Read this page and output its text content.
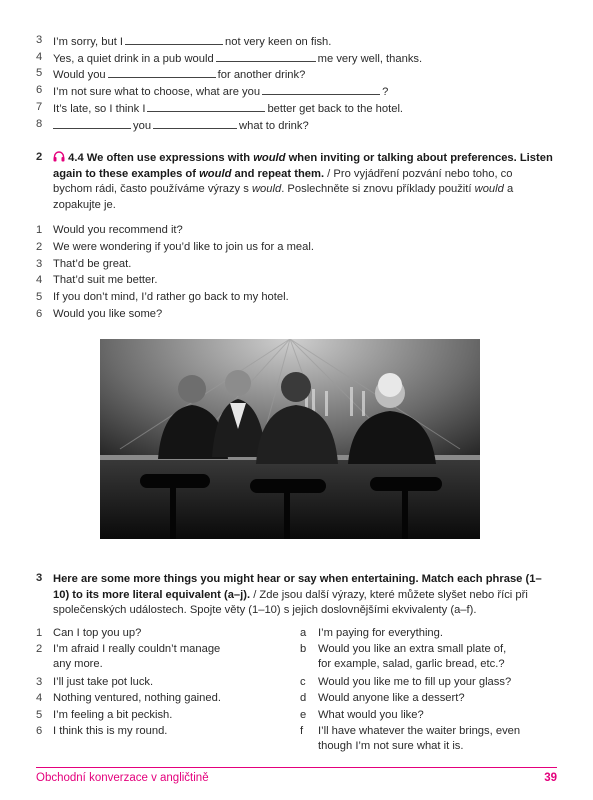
3 I’m sorry, but I	not very keen on fish.
4 Yes, a quiet drink in a pub would	me very well, thanks.
5 Would you	for another drink?
6 I’m not sure what to choose, what are you	?
7 It’s late, so I think I	better get back to the hotel.
8	you	what to drink?
2	4.4 We often use expressions with would when inviting or talking about preferences. Listen again to these examples of would and repeat them. / Pro vyjádření pozvání nebo toho, co bychom rádi, často používáme výrazy s would. Poslechněte si znovu příklady použití would a zopakujte je.
1 Would you recommend it?
2 We were wondering if you’d like to join us for a meal.
3 That’d be great.
4 That’d suit me better.
5 If you don’t mind, I’d rather go back to my hotel.
6 Would you like some?
3 Here are some more things you might hear or say when entertaining. Match each phrase (1–10) to its more literal equivalent (a–j). / Zde jsou další výrazy, které můžete slyšet nebo říci při společenských událostech. Spojte věty (1–10) s jejich doslovnějšími ekvivalenty (a–f).
1 Can I top you up?
2 I’m afraid I really couldn’t manage
any more.
3 I’ll just take pot luck.
4 Nothing ventured, nothing gained.
5 I’m feeling a bit peckish.
6 I think this is my round.
a I’m paying for everything.
b Would you like an extra small plate of,
for example, salad, garlic bread, etc.?
c Would you like me to fill up your glass?
d Would anyone like a dessert?
e What would you like?
f I’ll have whatever the waiter brings, even
though I’m not sure what it is.
Obchodní konverzace v angličtině	39
